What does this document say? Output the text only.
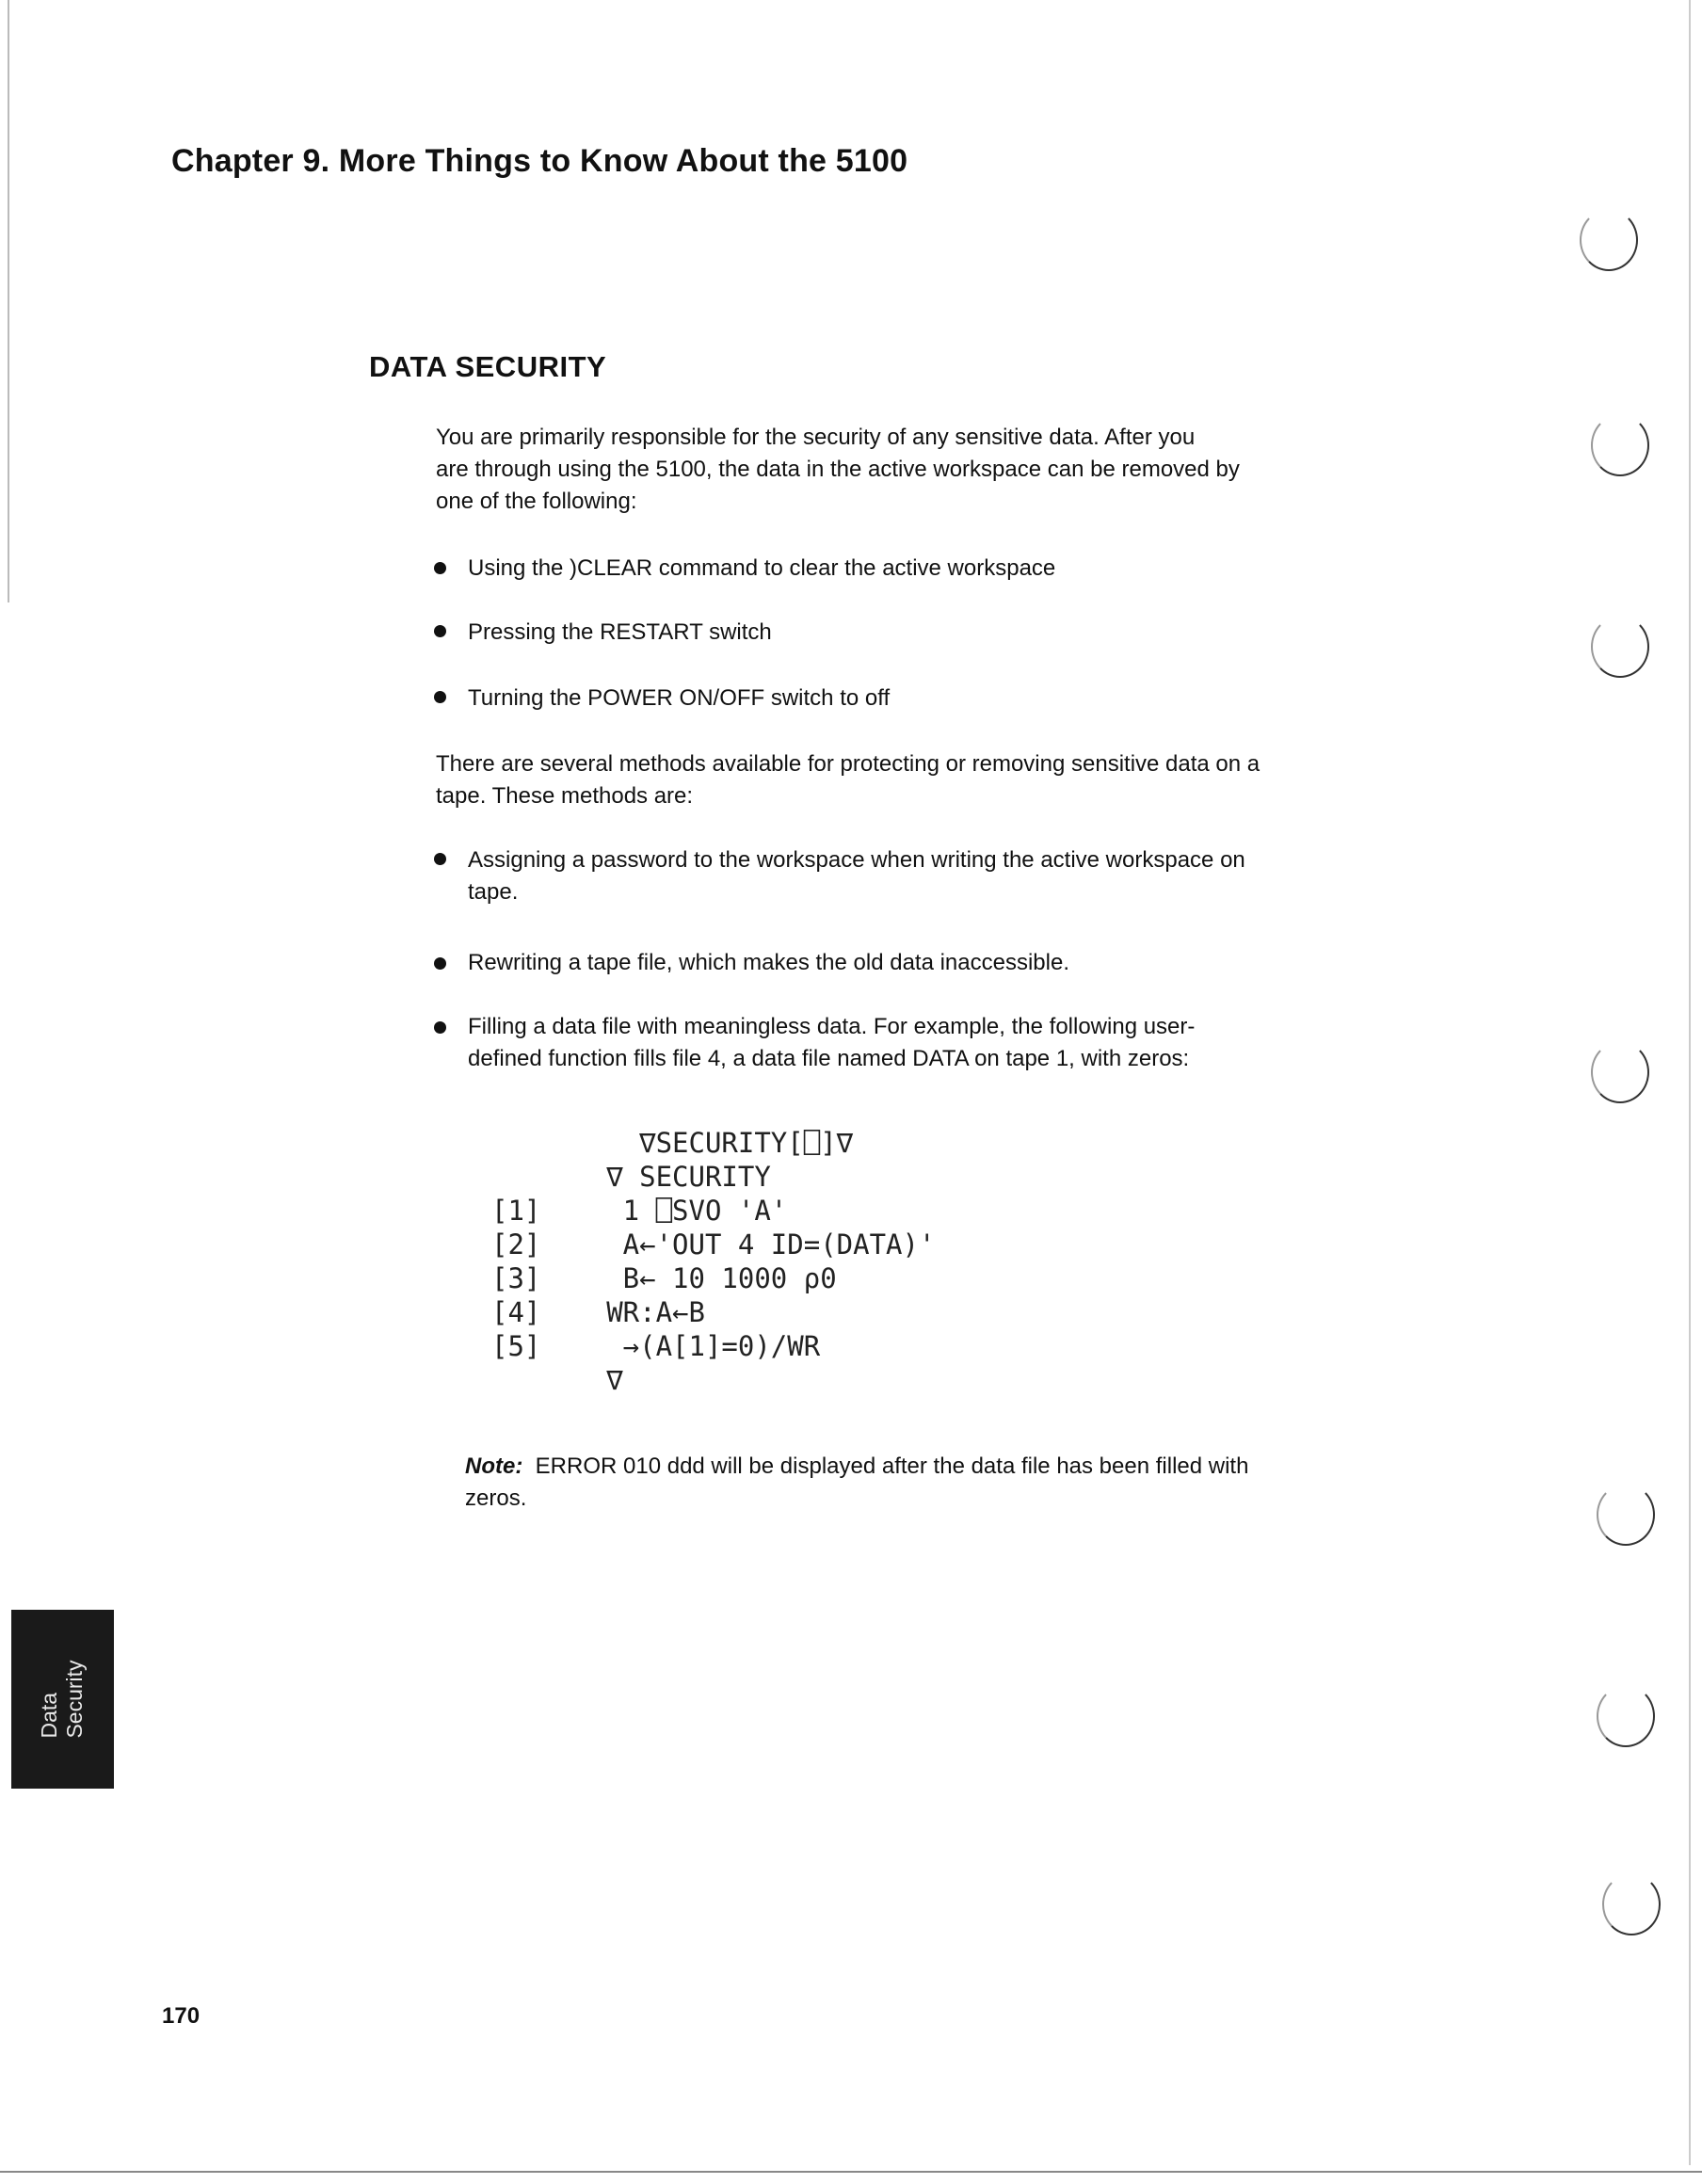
Chapter 9. More Things to Know About the 5100
DATA SECURITY
You are primarily responsible for the security of any sensitive data. After you
are through using the 5100, the data in the active workspace can be removed by
one of the following:
Using the )CLEAR command to clear the active workspace
Pressing the RESTART switch
Turning the POWER ON/OFF switch to off
There are several methods available for protecting or removing sensitive data on a
tape. These methods are:
Assigning a password to the workspace when writing the active workspace on
tape.
Rewriting a tape file, which makes the old data inaccessible.
Filling a data file with meaningless data. For example, the following user-
defined function fills file 4, a data file named DATA on tape 1, with zeros:
∇SECURITY[⎕]∇
∇ SECURITY
[1]     1 ⎕SVO 'A'
[2]     A←'OUT 4 ID=(DATA)'
[3]     B← 10 1000 ⍴0
[4]    WR:A←B
[5]     →(A[1]=0)/WR
∇
Note: ERROR 010 ddd will be displayed after the data file has been filled with
zeros.
Data Security
170
